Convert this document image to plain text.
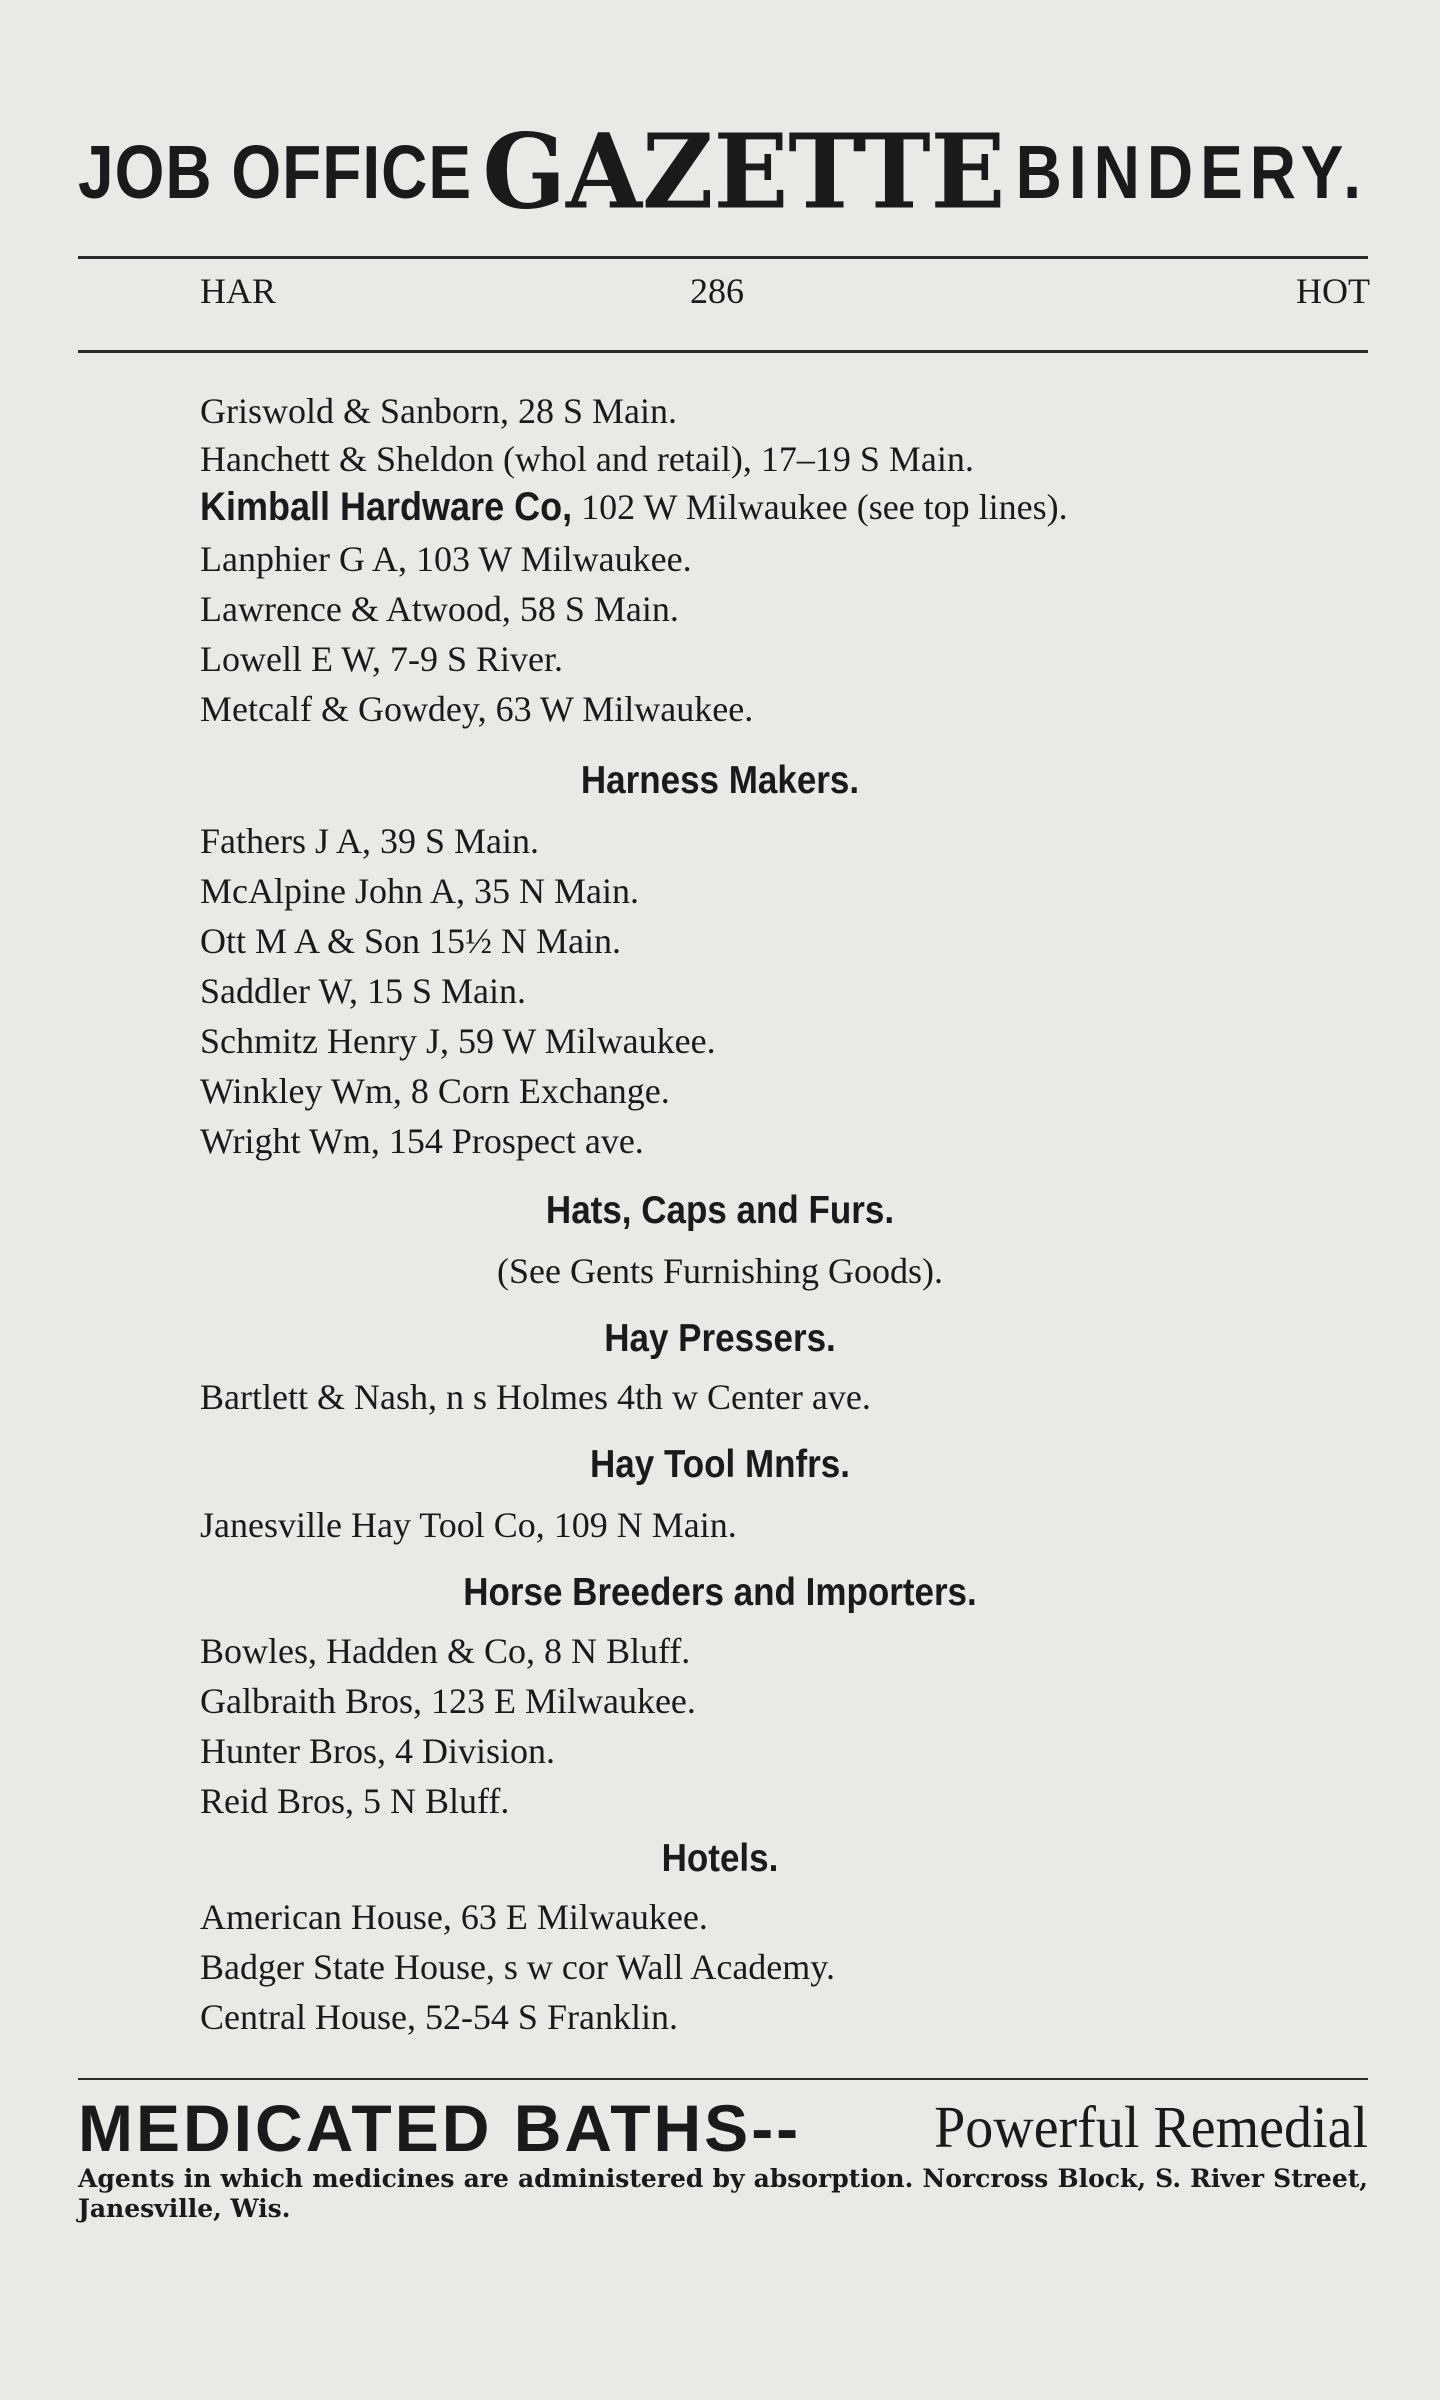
JOB OFFICE GAZETTE BINDERY.
HAR	286	HOT
Griswold & Sanborn, 28 S Main.
Hanchett & Sheldon (whol and retail), 17–19 S Main.
Kimball Hardware Co, 102 W Milwaukee (see top lines).
Lanphier G A, 103 W Milwaukee.
Lawrence & Atwood, 58 S Main.
Lowell E W, 7-9 S River.
Metcalf & Gowdey, 63 W Milwaukee.
Harness Makers.
Fathers J A, 39 S Main.
McAlpine John A, 35 N Main.
Ott M A & Son 15½ N Main.
Saddler W, 15 S Main.
Schmitz Henry J, 59 W Milwaukee.
Winkley Wm, 8 Corn Exchange.
Wright Wm, 154 Prospect ave.
Hats, Caps and Furs.
(See Gents Furnishing Goods).
Hay Pressers.
Bartlett & Nash, n s Holmes 4th w Center ave.
Hay Tool Mnfrs.
Janesville Hay Tool Co, 109 N Main.
Horse Breeders and Importers.
Bowles, Hadden & Co, 8 N Bluff.
Galbraith Bros, 123 E Milwaukee.
Hunter Bros, 4 Division.
Reid Bros, 5 N Bluff.
Hotels.
American House, 63 E Milwaukee.
Badger State House, s w cor Wall Academy.
Central House, 52-54 S Franklin.
MEDICATED BATHS-- Powerful Remedial
Agents in which medicines are administered by absorption. Norcross Block, S. River Street, Janesville, Wis.
